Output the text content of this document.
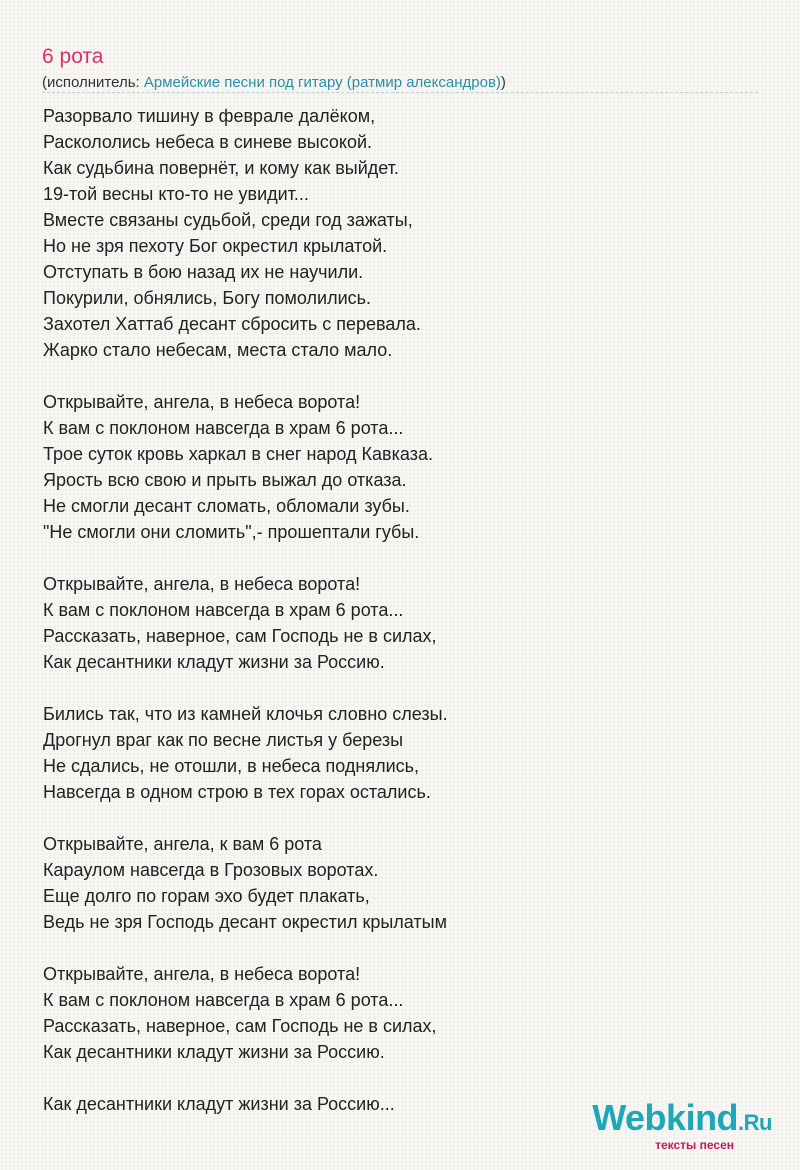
6 рота
(исполнитель: Армейские песни под гитару (ратмир александров))
Разорвало тишину в феврале далёком,
Раскололись небеса в синеве высокой.
Как судьбина повернёт, и кому как выйдет.
19-той весны кто-то не увидит...
Вместе связаны судьбой, среди год зажаты,
Но не зря пехоту Бог окрестил крылатой.
Отступать в бою назад их не научили.
Покурили, обнялись, Богу помолились.
Захотел Хаттаб десант сбросить с перевала.
Жарко стало небесам, места стало мало.
Открывайте, ангела, в небеса ворота!
К вам с поклоном навсегда в храм 6 рота...
Трое суток кровь харкал в снег народ Кавказа.
Ярость всю свою и прыть выжал до отказа.
Не смогли десант сломать, обломали зубы.
"Не смогли они сломить",- прошептали губы.
Открывайте, ангела, в небеса ворота!
К вам с поклоном навсегда в храм 6 рота...
Рассказать, наверное, сам Господь не в силах,
Как десантники кладут жизни за Россию.
Бились так, что из камней клочья словно слезы.
Дрогнул враг как по весне листья у березы
Не сдались, не отошли, в небеса поднялись,
Навсегда в одном строю в тех горах остались.
Открывайте, ангела, к вам 6 рота
Караулом навсегда в Грозовых воротах.
Еще долго по горам эхо будет плакать,
Ведь не зря Господь десант окрестил крылатым
Открывайте, ангела, в небеса ворота!
К вам с поклоном навсегда в храм 6 рота...
Рассказать, наверное, сам Господь не в силах,
Как десантники кладут жизни за Россию.
Как десантники кладут жизни за Россию...	Webkind.Ru
тексты песен
